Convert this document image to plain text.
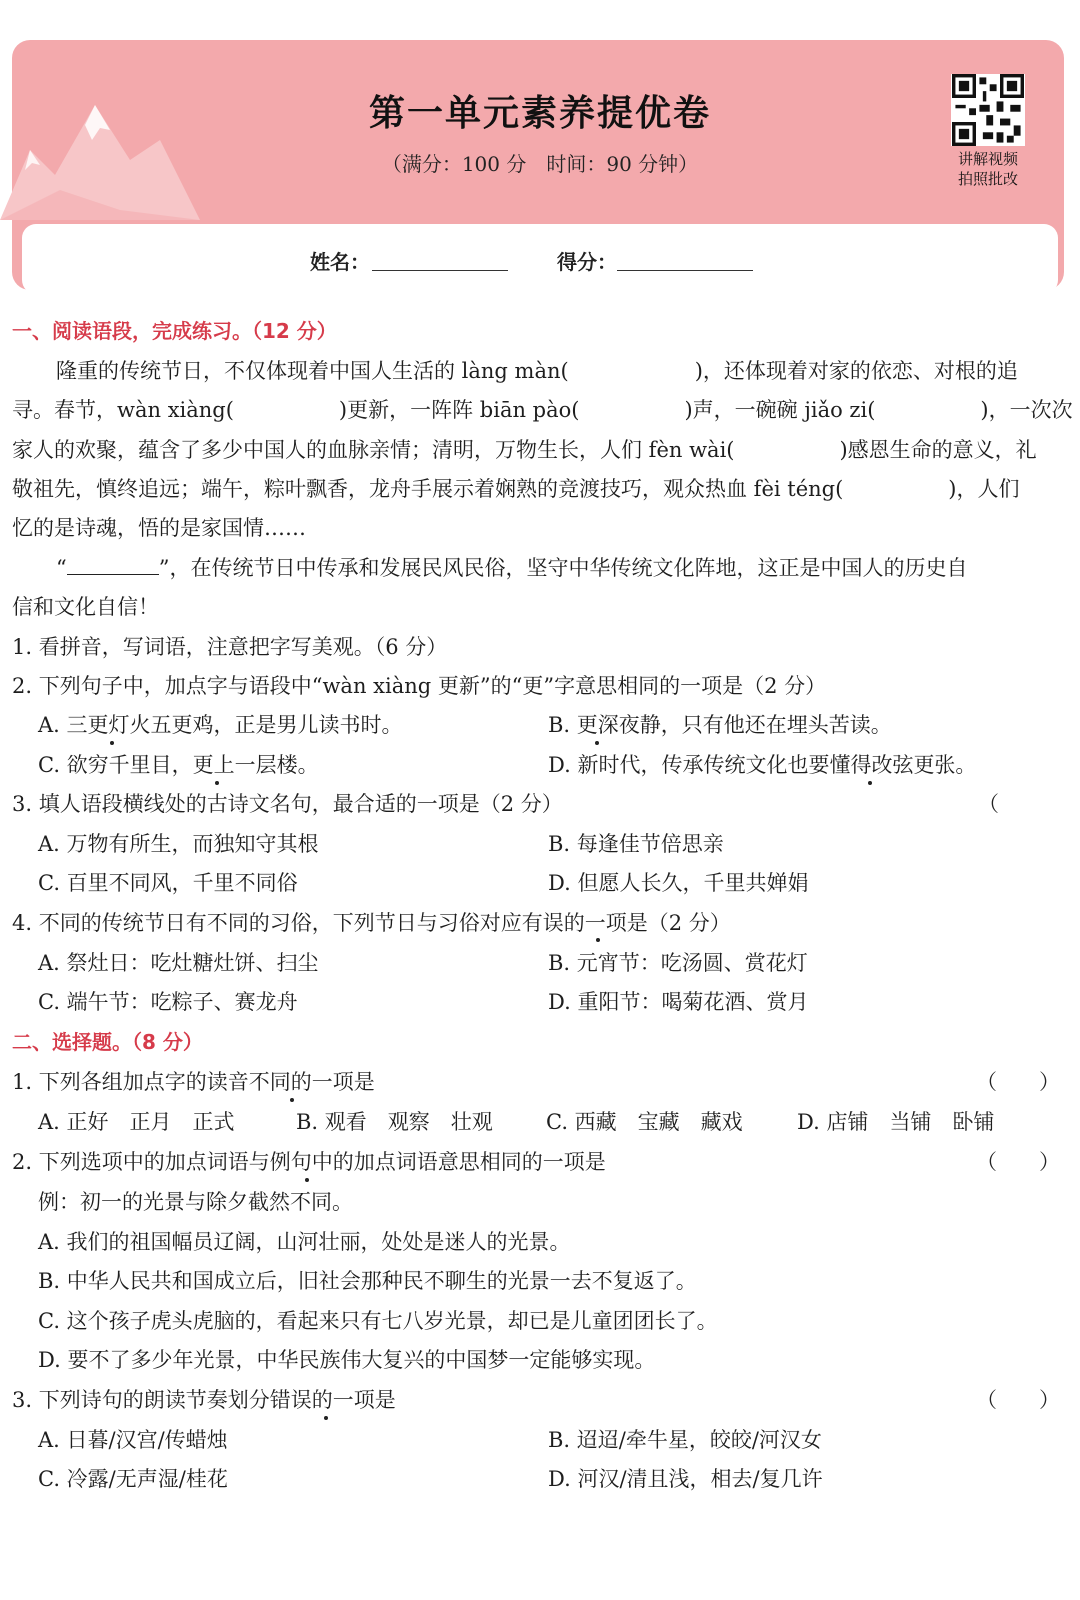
第一单元素养提优卷
（满分：100 分　时间：90 分钟）	讲解视频
拍照批改
姓名：	得分：
一、阅读语段，完成练习。（12 分）
隆重的传统节日，不仅体现着中国人生活的 làng màn(　　　　　　)，还体现着对家的依恋、对根的追
寻。春节，wàn xiàng(　　　　　)更新，一阵阵 biān pào(　　　　　)声，一碗碗 jiǎo zi(　　　　　)，一次次
家人的欢聚，蕴含了多少中国人的血脉亲情；清明，万物生长，人们 fèn wài(　　　　　)感恩生命的意义，礼
敬祖先，慎终追远；端午，粽叶飘香，龙舟手展示着娴熟的竞渡技巧，观众热血 fèi téng(　　　　　)，人们
忆的是诗魂，悟的是家国情……
“	”，在传统节日中传承和发展民风民俗，坚守中华传统文化阵地，这正是中国人的历史自
信和文化自信！
1. 看拼音，写词语，注意把字写美观。（6 分）
2. 下列句子中，加点字与语段中“wàn xiàng 更新”的“更”字意思相同的一项是（2 分）
A. 三更灯火五更鸡，正是男儿读书时。	B. 更深夜静，只有他还在埋头苦读。
C. 欲穷千里目，更上一层楼。	D. 新时代，传承传统文化也要懂得改弦更张。
3. 填人语段横线处的古诗文名句，最合适的一项是（2 分）	（
A. 万物有所生，而独知守其根	B. 每逢佳节倍思亲
C. 百里不同风，千里不同俗	D. 但愿人长久，千里共婵娟
4. 不同的传统节日有不同的习俗，下列节日与习俗对应有误的一项是（2 分）
A. 祭灶日：吃灶糖灶饼、扫尘	B. 元宵节：吃汤圆、赏花灯
C. 端午节：吃粽子、赛龙舟	D. 重阳节：喝菊花酒、赏月
二、选择题。（8 分）
1. 下列各组加点字的读音不同的一项是	（　　）
A. 正好　正月　正式	B. 观看　观察　壮观	C. 西藏　宝藏　藏戏	D. 店铺　当铺　卧铺
2. 下列选项中的加点词语与例句中的加点词语意思相同的一项是	（　　）
例：初一的光景与除夕截然不同。
A. 我们的祖国幅员辽阔，山河壮丽，处处是迷人的光景。
B. 中华人民共和国成立后，旧社会那种民不聊生的光景一去不复返了。
C. 这个孩子虎头虎脑的，看起来只有七八岁光景，却已是儿童团团长了。
D. 要不了多少年光景，中华民族伟大复兴的中国梦一定能够实现。
3. 下列诗句的朗读节奏划分错误的一项是	（　　）
A. 日暮/汉宫/传蜡烛	B. 迢迢/牵牛星，皎皎/河汉女
C. 冷露/无声湿/桂花	D. 河汉/清且浅，相去/复几许
